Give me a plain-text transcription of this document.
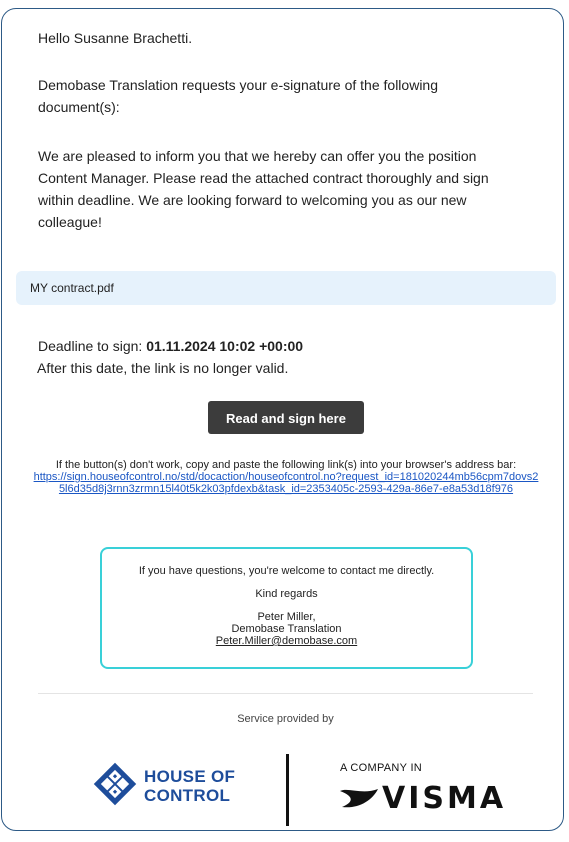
Hello Susanne Brachetti.

Demobase Translation requests your e-signature of the following document(s):

We are pleased to inform you that we hereby can offer you the position Content Manager. Please read the attached contract thoroughly and sign within deadline. We are looking forward to welcoming you as our new colleague!

MY contract.pdf

Deadline to sign: 01.11.2024 10:02 +00:00

After this date, the link is no longer valid.

Read and sign here
If the button(s) don't work, copy and paste the following link(s) into your browser's address bar:
https://sign.houseofcontrol.no/std/docaction/houseofcontrol.no?request_id=181020244mb56cpm7dovs25l6d35d8j3rnn3zrmn15l40t5k2k03pfdexb&task_id=2353405c-2593-429a-86e7-e8a53d18f976
If you have questions, you're welcome to contact me directly.
Kind regards
Peter Miller,
Demobase Translation
Peter.Miller@demobase.com
Service provided by
HOUSE OF
CONTROL
A COMPANY IN
VISMA
